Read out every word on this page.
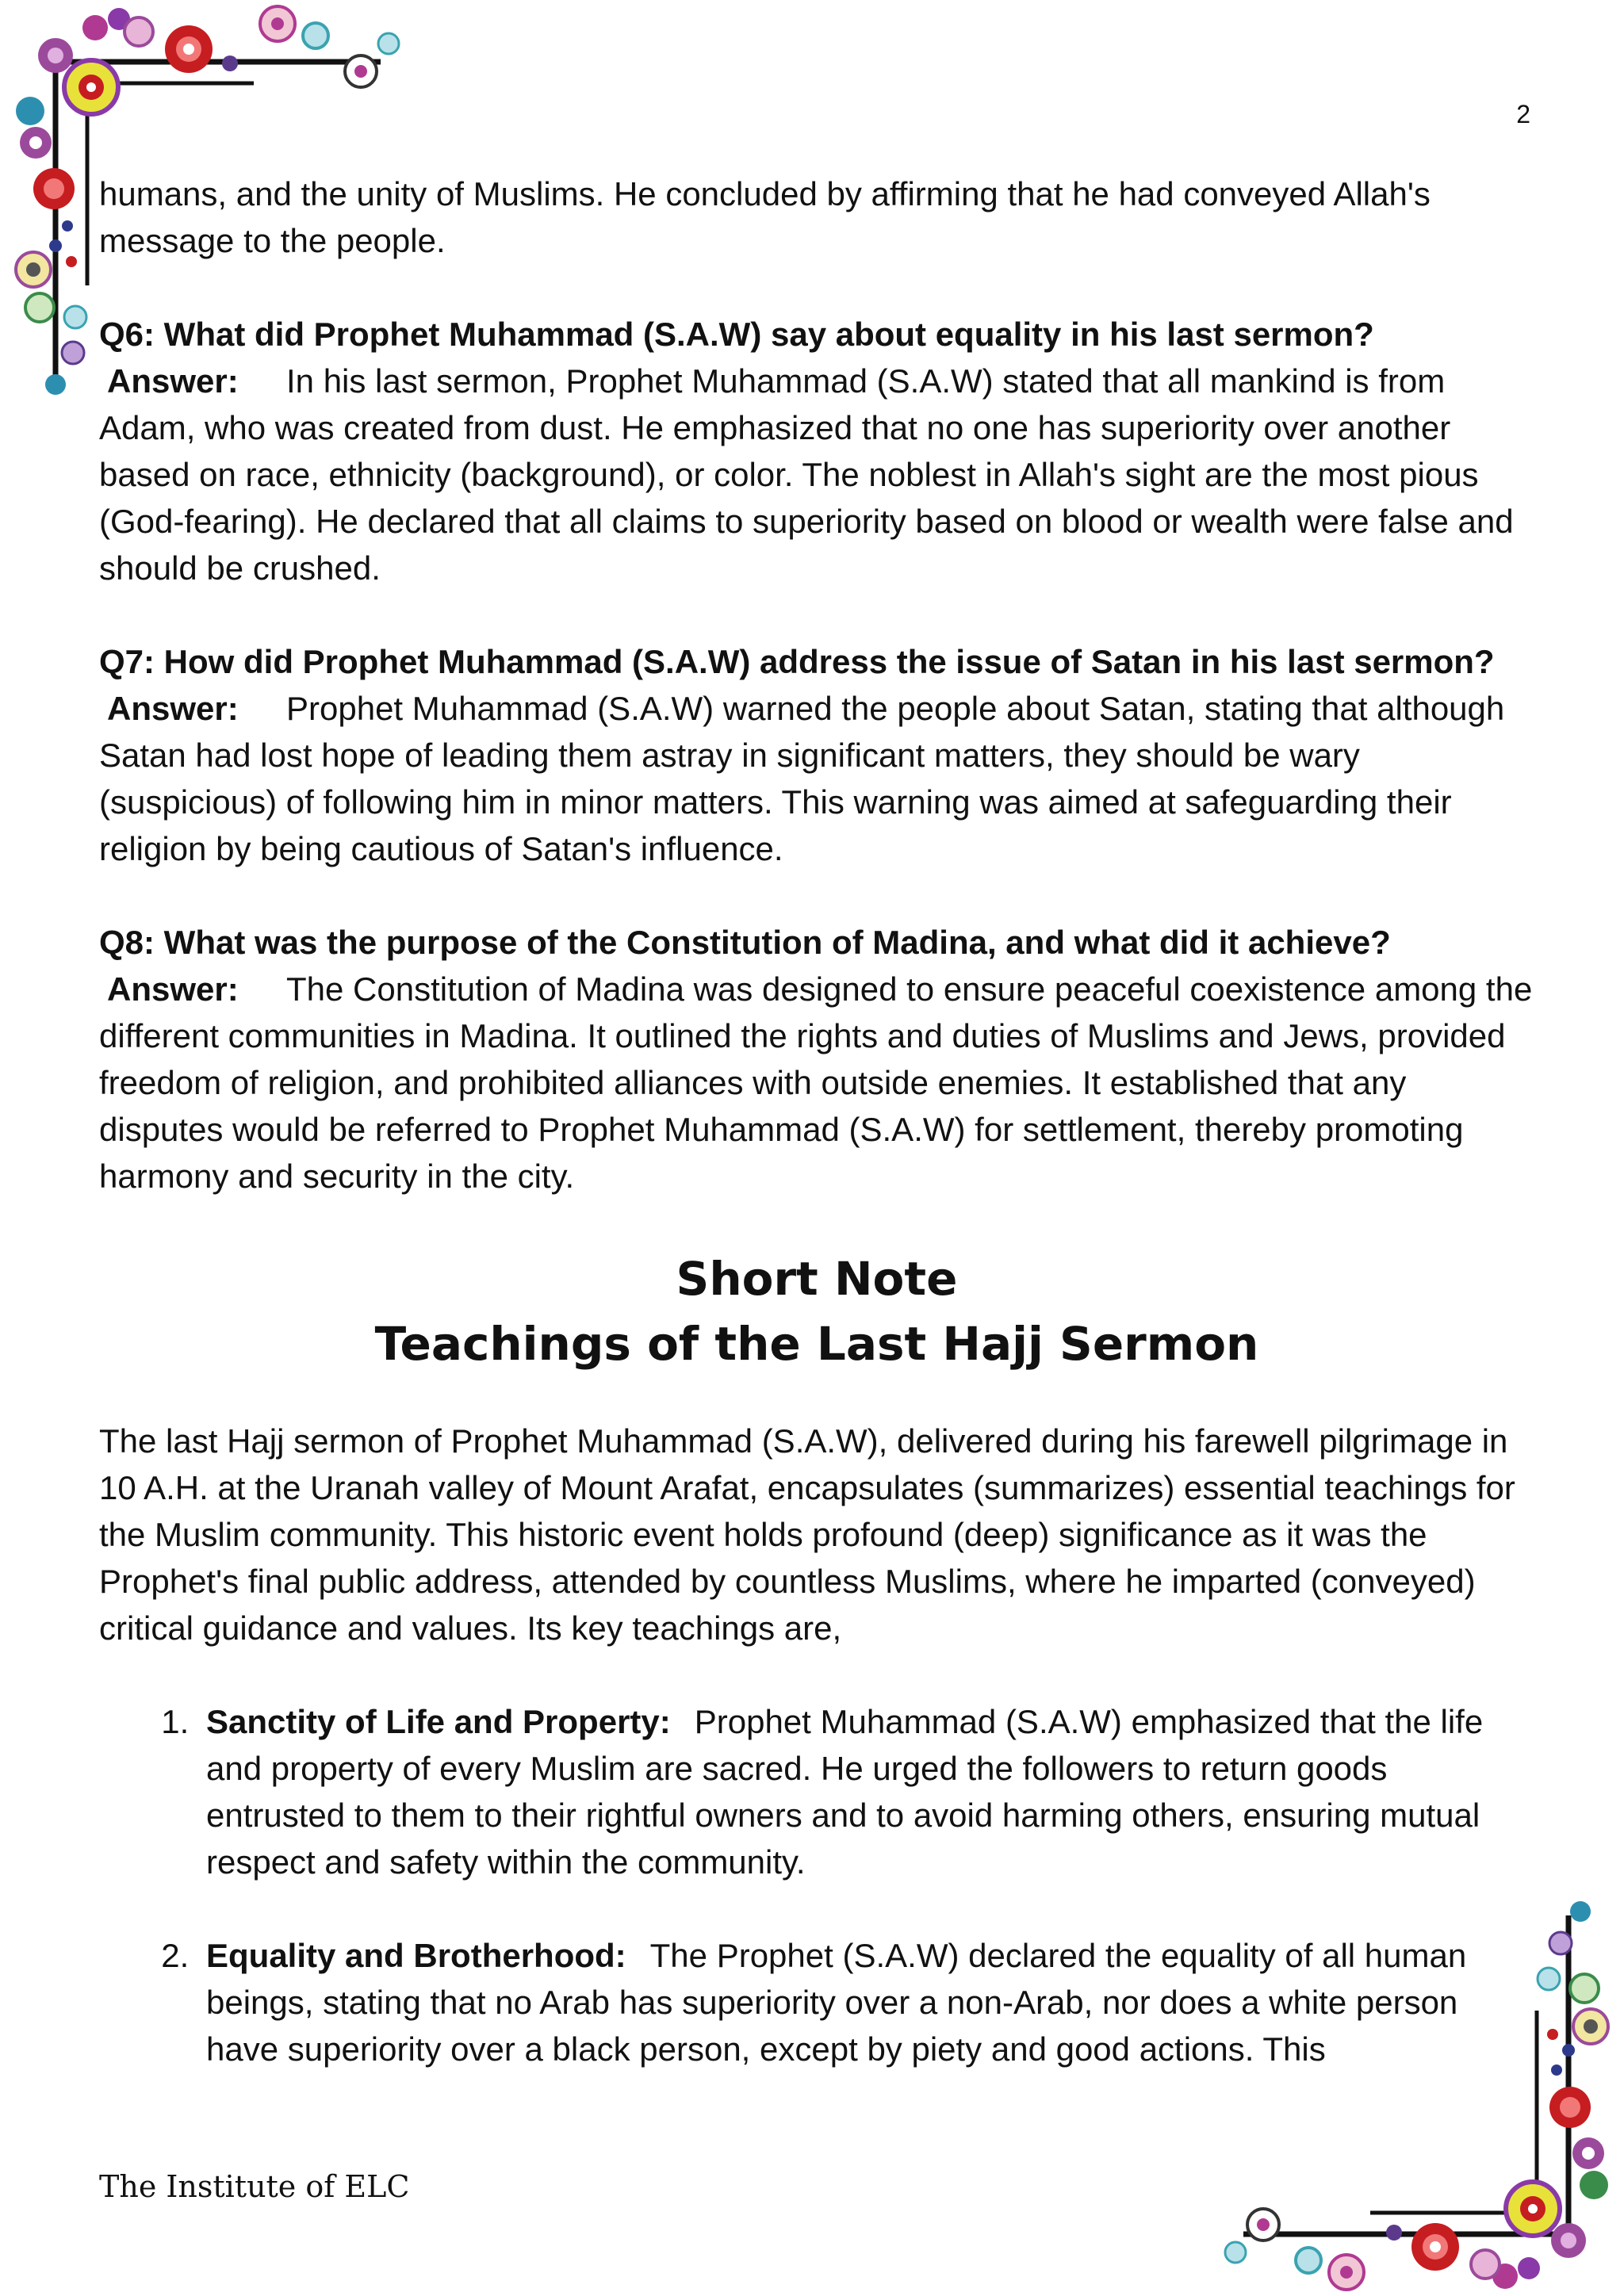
2

humans, and the unity of Muslims. He concluded by affirming that he had conveyed Allah's message to the people.

Q6: What did Prophet Muhammad (S.A.W) say about equality in his last sermon?

Answer: In his last sermon, Prophet Muhammad (S.A.W) stated that all mankind is from Adam, who was created from dust. He emphasized that no one has superiority over another based on race, ethnicity (background), or color. The noblest in Allah's sight are the most pious (God-fearing). He declared that all claims to superiority based on blood or wealth were false and should be crushed.

Q7: How did Prophet Muhammad (S.A.W) address the issue of Satan in his last sermon?

Answer: Prophet Muhammad (S.A.W) warned the people about Satan, stating that although Satan had lost hope of leading them astray in significant matters, they should be wary (suspicious) of following him in minor matters. This warning was aimed at safeguarding their religion by being cautious of Satan's influence.

Q8: What was the purpose of the Constitution of Madina, and what did it achieve?

Answer: The Constitution of Madina was designed to ensure peaceful coexistence among the different communities in Madina. It outlined the rights and duties of Muslims and Jews, provided freedom of religion, and prohibited alliances with outside enemies. It established that any disputes would be referred to Prophet Muhammad (S.A.W) for settlement, thereby promoting harmony and security in the city.

Short Note
Teachings of the Last Hajj Sermon

The last Hajj sermon of Prophet Muhammad (S.A.W), delivered during his farewell pilgrimage in 10 A.H. at the Uranah valley of Mount Arafat, encapsulates (summarizes) essential teachings for the Muslim community. This historic event holds profound (deep) significance as it was the Prophet's final public address, attended by countless Muslims, where he imparted (conveyed) critical guidance and values. Its key teachings are,

1. Sanctity of Life and Property: Prophet Muhammad (S.A.W) emphasized that the life and property of every Muslim are sacred. He urged the followers to return goods entrusted to them to their rightful owners and to avoid harming others, ensuring mutual respect and safety within the community.
2. Equality and Brotherhood: The Prophet (S.A.W) declared the equality of all human beings, stating that no Arab has superiority over a non-Arab, nor does a white person have superiority over a black person, except by piety and good actions. This
The Institute of ELC
